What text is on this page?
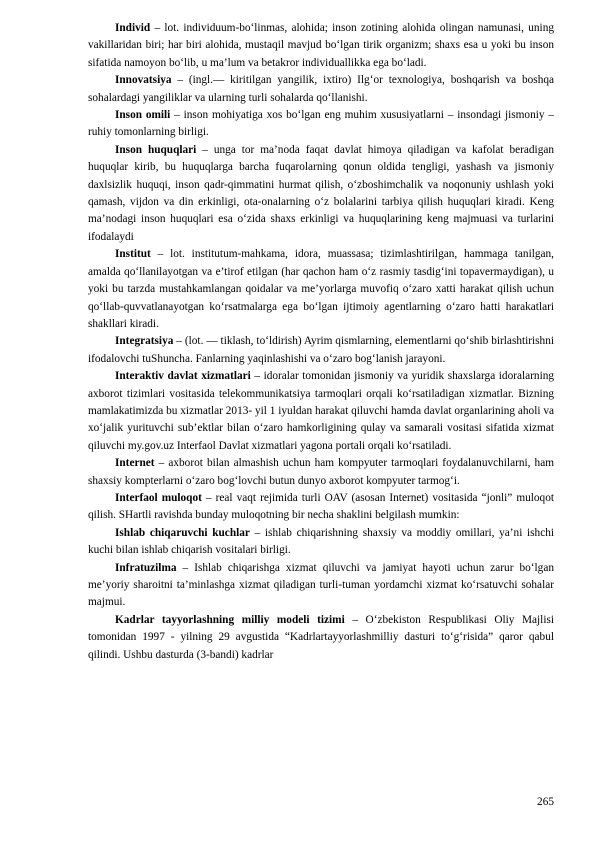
Individ – lot. individuum-bo‘linmas, alohida; inson zotining alohida olingan namunasi, uning vakillaridan biri; har biri alohida, mustaqil mavjud bo‘lgan tirik organizm; shaxs esa u yoki bu inson sifatida namoyon bo‘lib, u ma’lum va betakror individuallikka ega bo‘ladi.

Innovatsiya – (ingl.— kiritilgan yangilik, ixtiro) Ilg‘or texnologiya, boshqarish va boshqa sohalardagi yangiliklar va ularning turli sohalarda qo‘llanishi.

Inson omili – inson mohiyatiga xos bo‘lgan eng muhim xususiyatlarni – insondagi jismoniy – ruhiy tomonlarning birligi.

Inson huquqlari – unga tor ma’noda faqat davlat himoya qiladigan va kafolat beradigan huquqlar kirib, bu huquqlarga barcha fuqarolarning qonun oldida tengligi, yashash va jismoniy daxlsizlik huquqi, inson qadr-qimmatini hurmat qilish, o‘zboshimchalik va noqonuniy ushlash yoki qamash, vijdon va din erkinligi, ota-onalarning o‘z bolalarini tarbiya qilish huquqlari kiradi. Keng ma’nodagi inson huquqlari esa o‘zida shaxs erkinligi va huquqlarining keng majmuasi va turlarini ifodalaydi

Institut – lot. institutum-mahkama, idora, muassasa; tizimlashtirilgan, hammaga tanilgan, amalda qo‘llanilayotgan va e’tirof etilgan (har qachon ham o‘z rasmiy tasdig‘ini topavermaydigan), u yoki bu tarzda mustahkamlangan qoidalar va me’yorlarga muvofiq o‘zaro xatti harakat qilish uchun qo‘llab-quvvatlanayotgan ko‘rsatmalarga ega bo‘lgan ijtimoiy agentlarning o‘zaro hatti harakatlari shakllari kiradi.

Integratsiya – (lot. — tiklash, to‘ldirish) Ayrim qismlarning, elementlarni qo‘shib birlashtirishni ifodalovchi tuShuncha. Fanlarning yaqinlashishi va o‘zaro bog‘lanish jarayoni.

Interaktiv davlat xizmatlari – idoralar tomonidan jismoniy va yuridik shaxslarga idoralarning axborot tizimlari vositasida telekommunikatsiya tarmoqlari orqali ko‘rsatiladigan xizmatlar. Bizning mamlakatimizda bu xizmatlar 2013- yil 1 iyuldan harakat qiluvchi hamda davlat organlarining aholi va xo‘jalik yurituvchi sub’ektlar bilan o‘zaro hamkorligining qulay va samarali vositasi sifatida xizmat qiluvchi my.gov.uz Interfaol Davlat xizmatlari yagona portali orqali ko‘rsatiladi.

Internet – axborot bilan almashish uchun ham kompyuter tarmoqlari foydalanuvchilarni, ham shaxsiy kompterlarni o‘zaro bog‘lovchi butun dunyo axborot kompyuter tarmog‘i.

Interfaol muloqot – real vaqt rejimida turli OAV (asosan Internet) vositasida “jonli” muloqot qilish. SHartli ravishda bunday muloqotning bir necha shaklini belgilash mumkin:

Ishlab chiqaruvchi kuchlar – ishlab chiqarishning shaxsiy va moddiy omillari, ya’ni ishchi kuchi bilan ishlab chiqarish vositalari birligi.

Infratuzilma – Ishlab chiqarishga xizmat qiluvchi va jamiyat hayoti uchun zarur bo‘lgan me’yoriy sharoitni ta’minlashga xizmat qiladigan turli-tuman yordamchi xizmat ko‘rsatuvchi sohalar majmui.

Kadrlar tayyorlashning milliy modeli tizimi – O‘zbekiston Respublikasi Oliy Majlisi tomonidan 1997 - yilning 29 avgustida “Kadrlartayyorlashmilliy dasturi to‘g‘risida” qaror qabul qilindi. Ushbu dasturda (3-bandi) kadrlar

265
